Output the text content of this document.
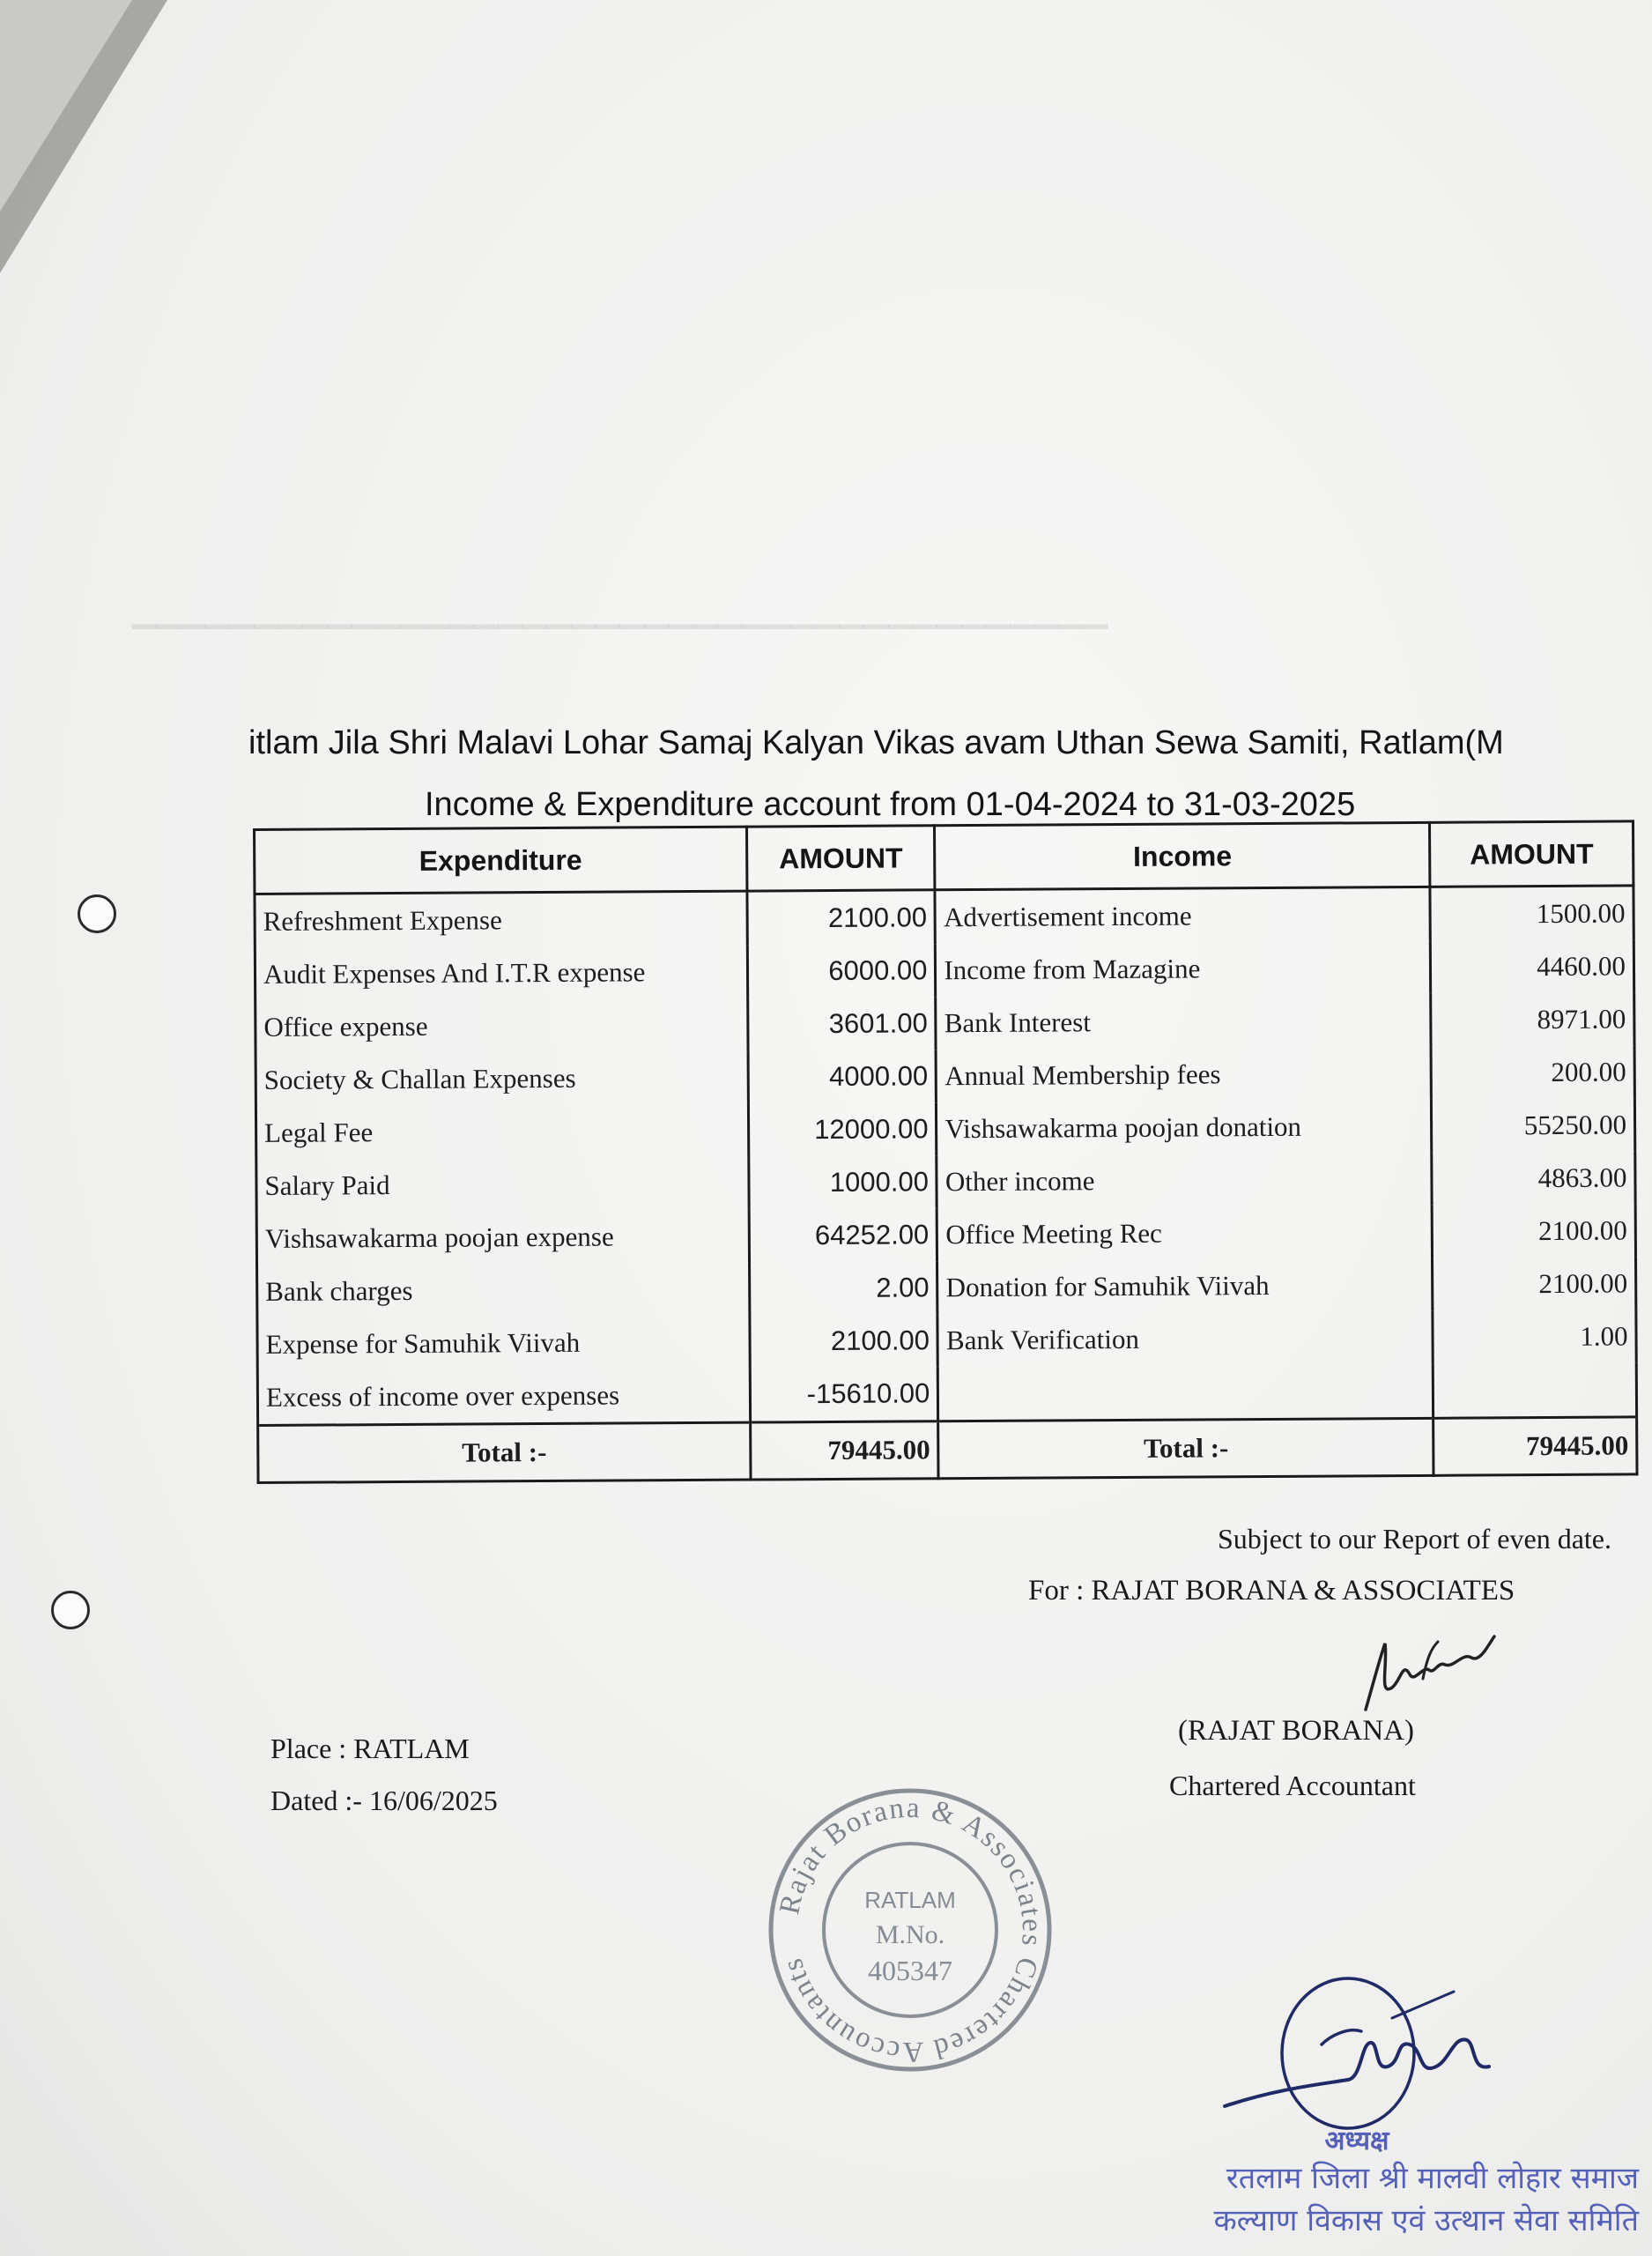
▁▁▁▁▁▁▁▁▁▁▁▁▁▁▁▁▁▁▁▁▁▁▁▁▁▁▁▁▁▁▁▁▁▁▁▁▁▁▁▁
itlam Jila Shri Malavi Lohar Samaj Kalyan Vikas avam Uthan Sewa Samiti, Ratlam(M
Income & Expenditure account from 01-04-2024 to 31-03-2025
Expenditure	AMOUNT	Income	AMOUNT
Refreshment Expense	2100.00	Advertisement income	1500.00
Audit Expenses And I.T.R expense	6000.00	Income from Mazagine	4460.00
Office expense	3601.00	Bank Interest	8971.00
Society & Challan Expenses	4000.00	Annual Membership fees	200.00
Legal Fee	12000.00	Vishsawakarma poojan donation	55250.00
Salary Paid	1000.00	Other income	4863.00
Vishsawakarma poojan expense	64252.00	Office Meeting Rec	2100.00
Bank charges	2.00	Donation for Samuhik Viivah	2100.00
Expense for Samuhik Viivah	2100.00	Bank Verification	1.00
Excess of income over expenses	-15610.00		
Total :-	79445.00	Total :-	79445.00
Subject to our Report of even date.
For : RAJAT BORANA & ASSOCIATES
Place : RATLAM
Dated :- 16/06/2025
(RAJAT BORANA)
Chartered Accountant
Rajat Borana & Associates Chartered Accountants
RATLAM
M.No.
405347
अध्यक्ष
रतलाम जिला श्री मालवी लोहार समाज
कल्याण विकास एवं उत्थान सेवा समिति
